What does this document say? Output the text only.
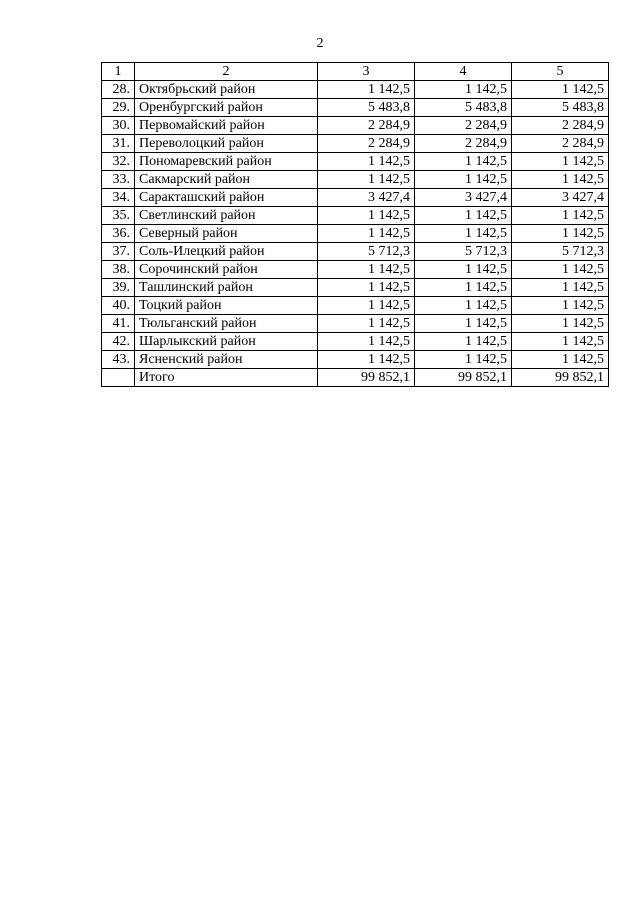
2
1	2	3	4	5
28.	Октябрьский район	1 142,5	1 142,5	1 142,5
29.	Оренбургский район	5 483,8	5 483,8	5 483,8
30.	Первомайский район	2 284,9	2 284,9	2 284,9
31.	Переволоцкий район	2 284,9	2 284,9	2 284,9
32.	Пономаревский район	1 142,5	1 142,5	1 142,5
33.	Сакмарский район	1 142,5	1 142,5	1 142,5
34.	Саракташский район	3 427,4	3 427,4	3 427,4
35.	Светлинский район	1 142,5	1 142,5	1 142,5
36.	Северный район	1 142,5	1 142,5	1 142,5
37.	Соль-Илецкий район	5 712,3	5 712,3	5 712,3
38.	Сорочинский район	1 142,5	1 142,5	1 142,5
39.	Ташлинский район	1 142,5	1 142,5	1 142,5
40.	Тоцкий район	1 142,5	1 142,5	1 142,5
41.	Тюльганский район	1 142,5	1 142,5	1 142,5
42.	Шарлыкский район	1 142,5	1 142,5	1 142,5
43.	Ясненский район	1 142,5	1 142,5	1 142,5
	Итого	99 852,1	99 852,1	99 852,1
